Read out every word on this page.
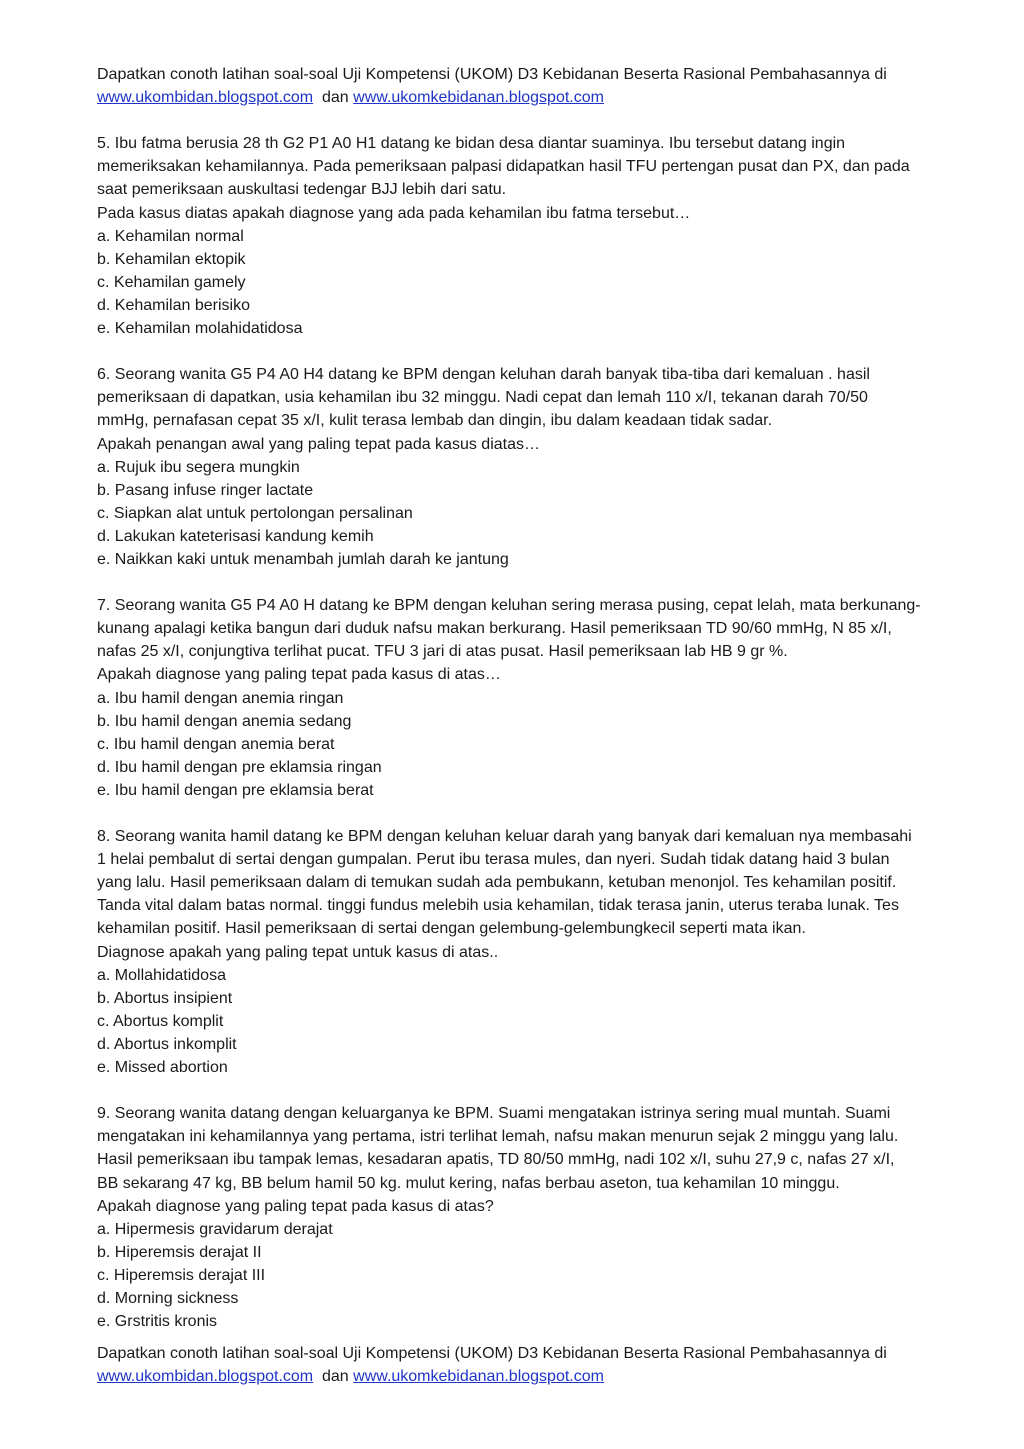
Dapatkan conoth latihan soal-soal Uji Kompetensi (UKOM) D3 Kebidanan Beserta Rasional Pembahasannya di
www.ukombidan.blogspot.com dan www.ukomkebidanan.blogspot.com
5. Ibu fatma berusia 28 th G2 P1 A0 H1 datang ke bidan desa diantar suaminya. Ibu tersebut datang ingin
memeriksakan kehamilannya. Pada pemeriksaan palpasi didapatkan hasil TFU pertengan pusat dan PX, dan pada
saat pemeriksaan auskultasi tedengar BJJ lebih dari satu.
Pada kasus diatas apakah diagnose yang ada pada kehamilan ibu fatma tersebut…
a. Kehamilan normal
b. Kehamilan ektopik
c. Kehamilan gamely
d. Kehamilan berisiko
e. Kehamilan molahidatidosa
6. Seorang wanita G5 P4 A0 H4 datang ke BPM dengan keluhan darah banyak tiba-tiba dari kemaluan . hasil
pemeriksaan di dapatkan, usia kehamilan ibu 32 minggu. Nadi cepat dan lemah 110 x/I, tekanan darah 70/50
mmHg, pernafasan cepat 35 x/I, kulit terasa lembab dan dingin, ibu dalam keadaan tidak sadar.
Apakah penangan awal yang paling tepat pada kasus diatas…
a. Rujuk ibu segera mungkin
b. Pasang infuse ringer lactate
c. Siapkan alat untuk pertolongan persalinan
d. Lakukan kateterisasi kandung kemih
e. Naikkan kaki untuk menambah jumlah darah ke jantung
7. Seorang wanita G5 P4 A0 H datang ke BPM dengan keluhan sering merasa pusing, cepat lelah, mata berkunang-
kunang apalagi ketika bangun dari duduk nafsu makan berkurang. Hasil pemeriksaan TD 90/60 mmHg, N 85 x/I,
nafas 25 x/I, conjungtiva terlihat pucat. TFU 3 jari di atas pusat. Hasil pemeriksaan lab HB 9 gr %.
Apakah diagnose yang paling tepat pada kasus di atas…
a. Ibu hamil dengan anemia ringan
b. Ibu hamil dengan anemia sedang
c. Ibu hamil dengan anemia berat
d. Ibu hamil dengan pre eklamsia ringan
e. Ibu hamil dengan pre eklamsia berat
8. Seorang wanita hamil datang ke BPM dengan keluhan keluar darah yang banyak dari kemaluan nya membasahi
1 helai pembalut di sertai dengan gumpalan. Perut ibu terasa mules, dan nyeri. Sudah tidak datang haid 3 bulan
yang lalu. Hasil pemeriksaan dalam di temukan sudah ada pembukann, ketuban menonjol. Tes kehamilan positif.
Tanda vital dalam batas normal. tinggi fundus melebih usia kehamilan, tidak terasa janin, uterus teraba lunak. Tes
kehamilan positif. Hasil pemeriksaan di sertai dengan gelembung-gelembungkecil seperti mata ikan.
Diagnose apakah yang paling tepat untuk kasus di atas..
a. Mollahidatidosa
b. Abortus insipient
c. Abortus komplit
d. Abortus inkomplit
e. Missed abortion
9. Seorang wanita datang dengan keluarganya ke BPM. Suami mengatakan istrinya sering mual muntah. Suami
mengatakan ini kehamilannya yang pertama, istri terlihat lemah, nafsu makan menurun sejak 2 minggu yang lalu.
Hasil pemeriksaan ibu tampak lemas, kesadaran apatis, TD 80/50 mmHg, nadi 102 x/I, suhu 27,9 c, nafas 27 x/I,
BB sekarang 47 kg, BB belum hamil 50 kg. mulut kering, nafas berbau aseton, tua kehamilan 10 minggu.
Apakah diagnose yang paling tepat pada kasus di atas?
a. Hipermesis gravidarum derajat
b. Hiperemsis derajat II
c. Hiperemsis derajat III
d. Morning sickness
e. Grstritis kronis
Dapatkan conoth latihan soal-soal Uji Kompetensi (UKOM) D3 Kebidanan Beserta Rasional Pembahasannya di
www.ukombidan.blogspot.com dan www.ukomkebidanan.blogspot.com
